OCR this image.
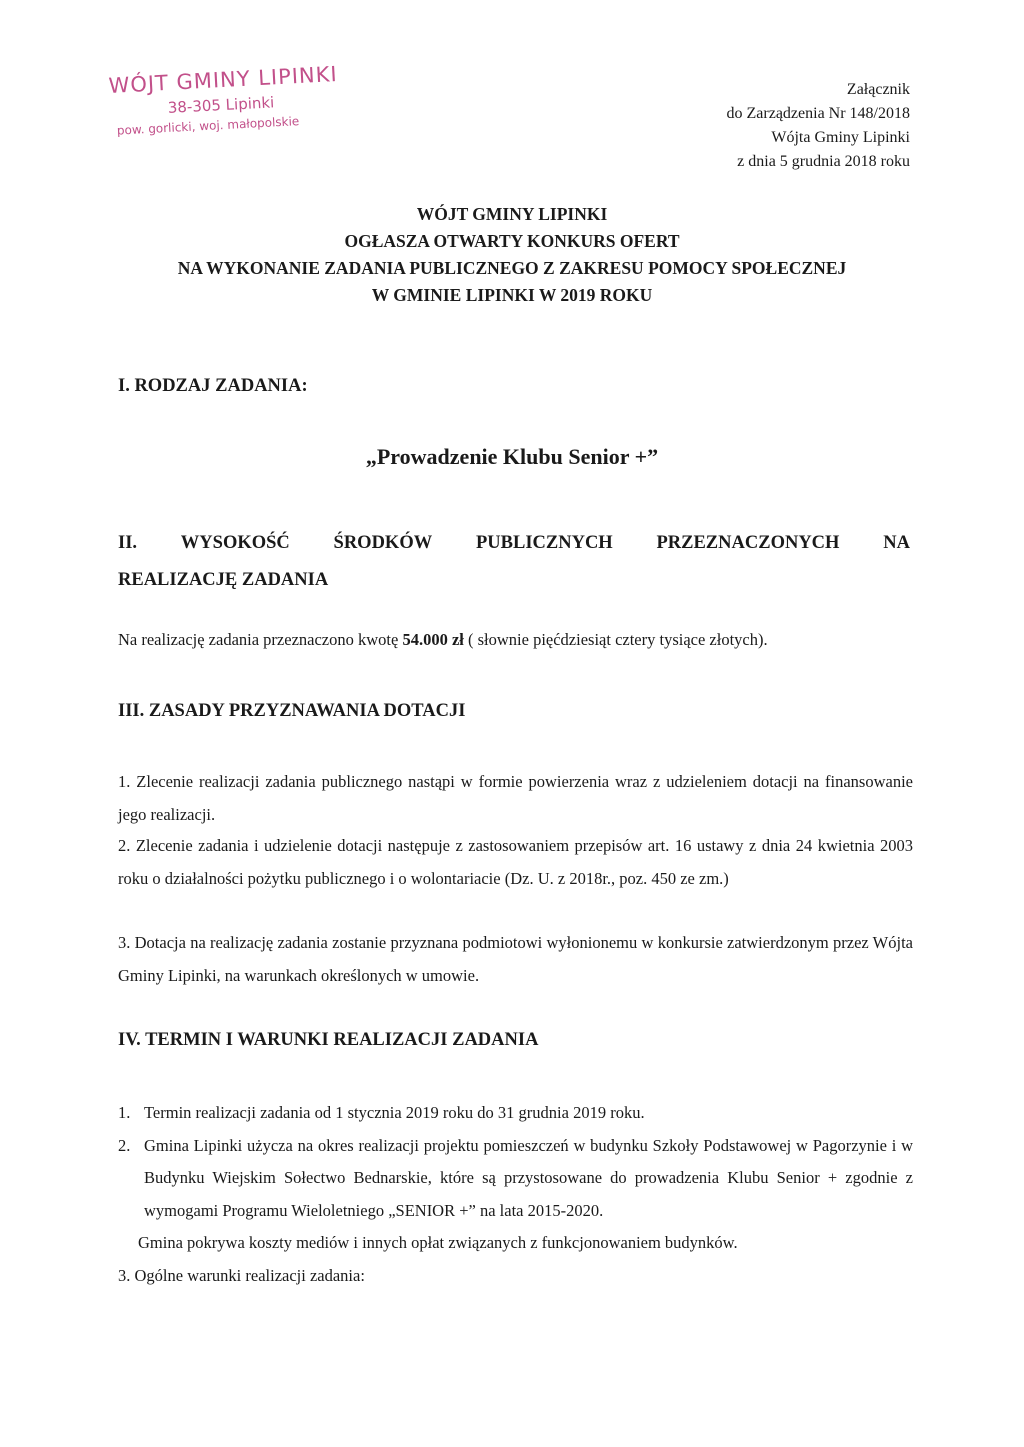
WÓJT GMINY LIPINKI
38-305 Lipinki
pow. gorlicki, woj. małopolskie
Załącznik
do Zarządzenia Nr 148/2018
Wójta Gminy Lipinki
z dnia 5 grudnia 2018 roku
WÓJT GMINY LIPINKI
OGŁASZA OTWARTY KONKURS OFERT
NA WYKONANIE ZADANIA PUBLICZNEGO Z ZAKRESU POMOCY SPOŁECZNEJ
W GMINIE LIPINKI W 2019 ROKU
I. RODZAJ ZADANIA:
„Prowadzenie Klubu Senior +”
II. WYSOKOŚĆ ŚRODKÓW PUBLICZNYCH PRZEZNACZONYCH NA
REALIZACJĘ ZADANIA
Na realizację zadania przeznaczono kwotę 54.000 zł ( słownie pięćdziesiąt cztery tysiące złotych).
III. ZASADY PRZYZNAWANIA DOTACJI
1. Zlecenie realizacji zadania publicznego nastąpi w formie powierzenia wraz z udzieleniem dotacji na finansowanie jego realizacji.
2. Zlecenie zadania i udzielenie dotacji następuje z zastosowaniem przepisów art. 16 ustawy z dnia 24 kwietnia 2003 roku o działalności pożytku publicznego i o wolontariacie (Dz. U. z 2018r., poz. 450 ze zm.)
3. Dotacja na realizację zadania zostanie przyznana podmiotowi wyłonionemu w konkursie zatwierdzonym przez Wójta Gminy Lipinki, na warunkach określonych w umowie.
IV. TERMIN I WARUNKI REALIZACJI ZADANIA
1. Termin realizacji zadania od 1 stycznia 2019 roku do 31 grudnia 2019 roku.
2. Gmina Lipinki użycza na okres realizacji projektu pomieszczeń w budynku Szkoły Podstawowej w Pagorzynie i w Budynku Wiejskim Sołectwo Bednarskie, które są przystosowane do prowadzenia Klubu Senior + zgodnie z wymogami Programu Wieloletniego „SENIOR +” na lata 2015-2020.
Gmina pokrywa koszty mediów i innych opłat związanych z funkcjonowaniem budynków.
3. Ogólne warunki realizacji zadania:
